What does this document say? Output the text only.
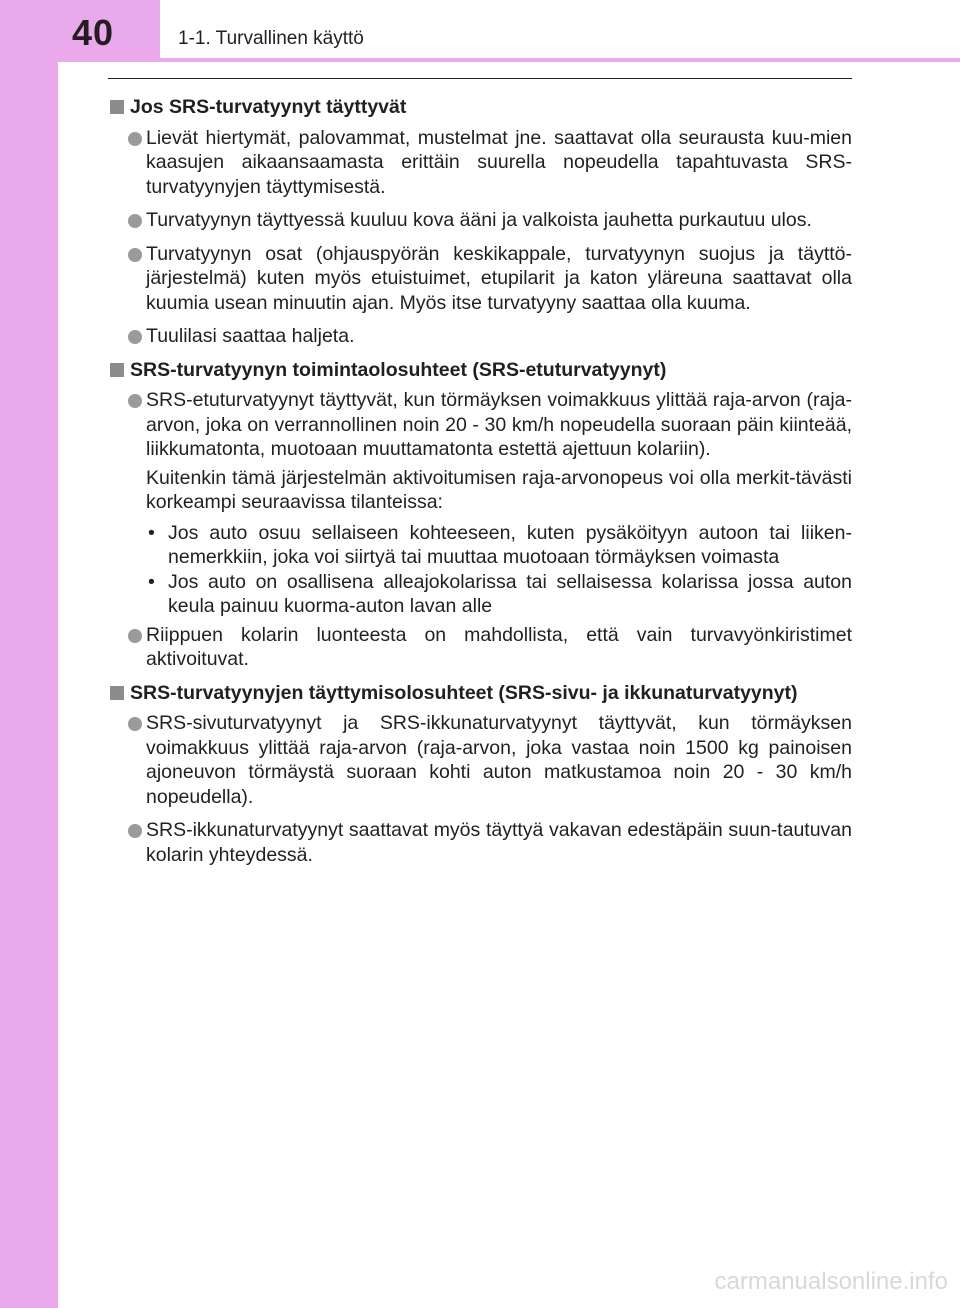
40	1-1. Turvallinen käyttö
Jos SRS-turvatyynyt täyttyvät
Lievät hiertymät, palovammat, mustelmat jne. saattavat olla seurausta kuu-mien kaasujen aikaansaamasta erittäin suurella nopeudella tapahtuvasta SRS-turvatyynyjen täyttymisestä.
Turvatyynyn täyttyessä kuuluu kova ääni ja valkoista jauhetta purkautuu ulos.
Turvatyynyn osat (ohjauspyörän keskikappale, turvatyynyn suojus ja täyttö-järjestelmä) kuten myös etuistuimet, etupilarit ja katon yläreuna saattavat olla kuumia usean minuutin ajan. Myös itse turvatyyny saattaa olla kuuma.
Tuulilasi saattaa haljeta.
SRS-turvatyynyn toimintaolosuhteet (SRS-etuturvatyynyt)
SRS-etuturvatyynyt täyttyvät, kun törmäyksen voimakkuus ylittää raja-arvon (raja-arvon, joka on verrannollinen noin 20 - 30 km/h nopeudella suoraan päin kiinteää, liikkumatonta, muotoaan muuttamatonta estettä ajettuun kolariin).
Kuitenkin tämä järjestelmän aktivoitumisen raja-arvonopeus voi olla merkit-tävästi korkeampi seuraavissa tilanteissa:
• Jos auto osuu sellaiseen kohteeseen, kuten pysäköityyn autoon tai liiken-nemerkkiin, joka voi siirtyä tai muuttaa muotoaan törmäyksen voimasta
• Jos auto on osallisena alleajokolarissa tai sellaisessa kolarissa jossa auton keula painuu kuorma-auton lavan alle
Riippuen kolarin luonteesta on mahdollista, että vain turvavyönkiristimet aktivoituvat.
SRS-turvatyynyjen täyttymisolosuhteet (SRS-sivu- ja ikkunaturvatyynyt)
SRS-sivuturvatyynyt ja SRS-ikkunaturvatyynyt täyttyvät, kun törmäyksen voimakkuus ylittää raja-arvon (raja-arvon, joka vastaa noin 1500 kg painoisen ajoneuvon törmäystä suoraan kohti auton matkustamoa noin 20 - 30 km/h nopeudella).
SRS-ikkunaturvatyynyt saattavat myös täyttyä vakavan edestäpäin suun-tautuvan kolarin yhteydessä.
carmanualsonline.info
